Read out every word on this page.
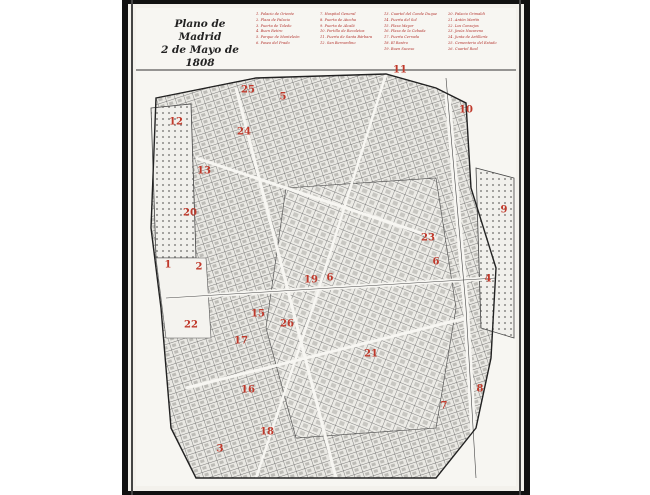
Plano de Madrid
2 de Mayo de 1808
1. Palacio de Oriente
2. Plaza de Palacio
3. Puerta de Toledo
4. Buen Retiro
5. Parque de Monteleón
6. Paseo del Prado
7. Hospital General
8. Puerta de Atocha
9. Puerta de Alcalá
10. Portillo de Recoletos
11. Puerta de Santa Bárbara
12. San Bernardino
13. Cuartel del Conde Duque
14. Puerta del Sol
15. Plaza Mayor
16. Plaza de la Cebada
17. Puerta Cerrada
18. El Rastro
19. Buen Suceso
20. Palacio Grimaldi
21. Antón Martín
22. Los Consejos
23. Jesús Nazareno
24. Junta de Artillería
25. Cementerio del Estado
26. Cuartel Real
1 2
3
4
6
8
9
10
11
12
13
15
16
17
18
19
20
21
22
23
24
25
26
5
6
7
